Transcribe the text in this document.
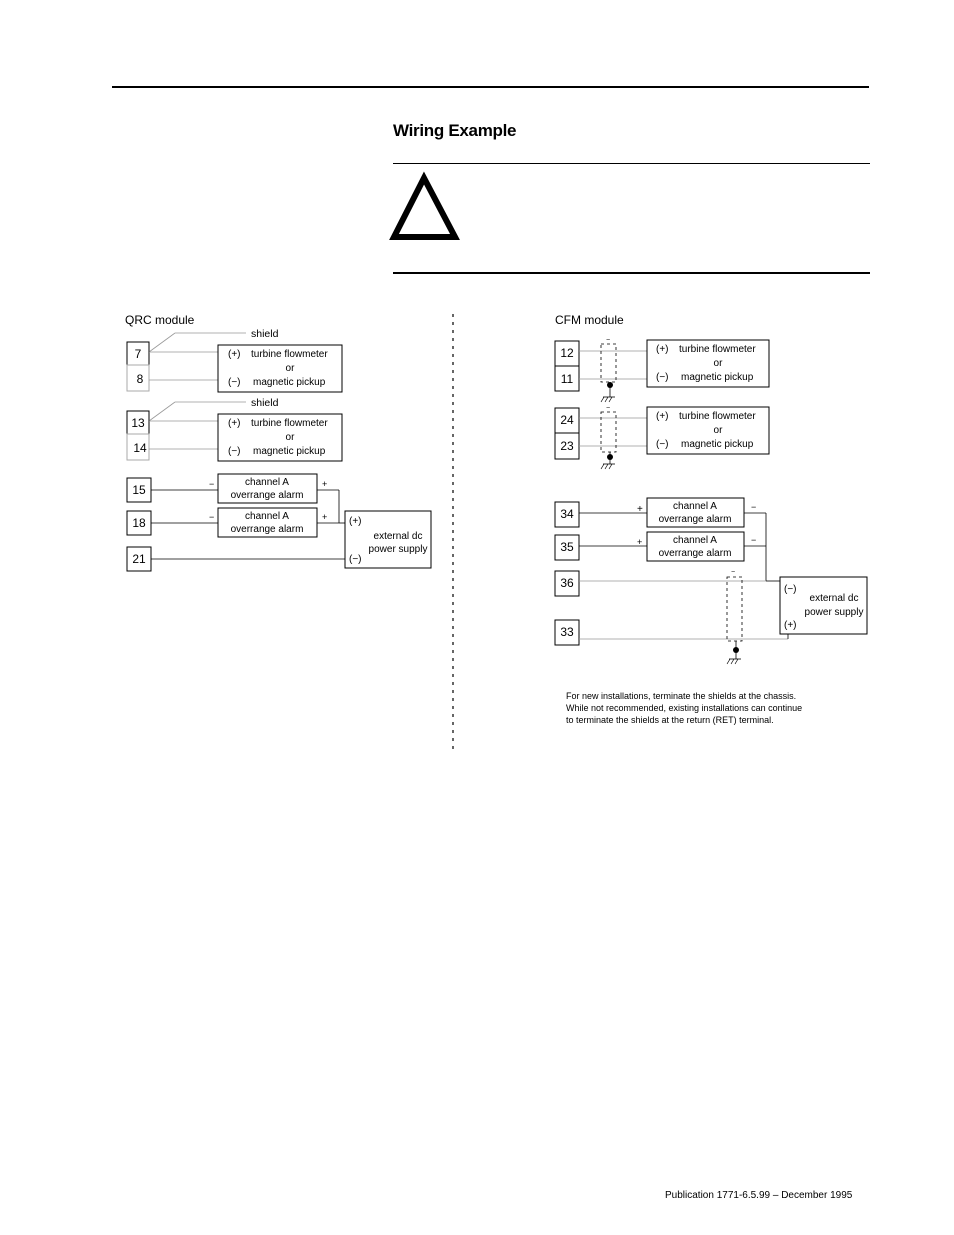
Wiring Example
QRC module
shield
7
8
(+) turbine flowmeter
or
(−) magnetic pickup
shield
13
14
(+) turbine flowmeter
or
(−) magnetic pickup
15
18
21
channel A
overrange alarm
channel A
overrange alarm
−
−
+
+ (+)
external dc
power supply
(−)
CFM module
12
11
−
(+) turbine flowmeter
or
(−) magnetic pickup
24
23
−
(+) turbine flowmeter
or
(−) magnetic pickup
34
35
36
33
channel A
overrange alarm
channel A
overrange alarm
+
+
−
−
−
(−)
external dc
power supply
(+)
For new installations, terminate the shields at the chassis.
While not recommended, existing installations can continue
to terminate the shields at the return (RET) terminal.
Publication 1771-6.5.99 – December 1995
